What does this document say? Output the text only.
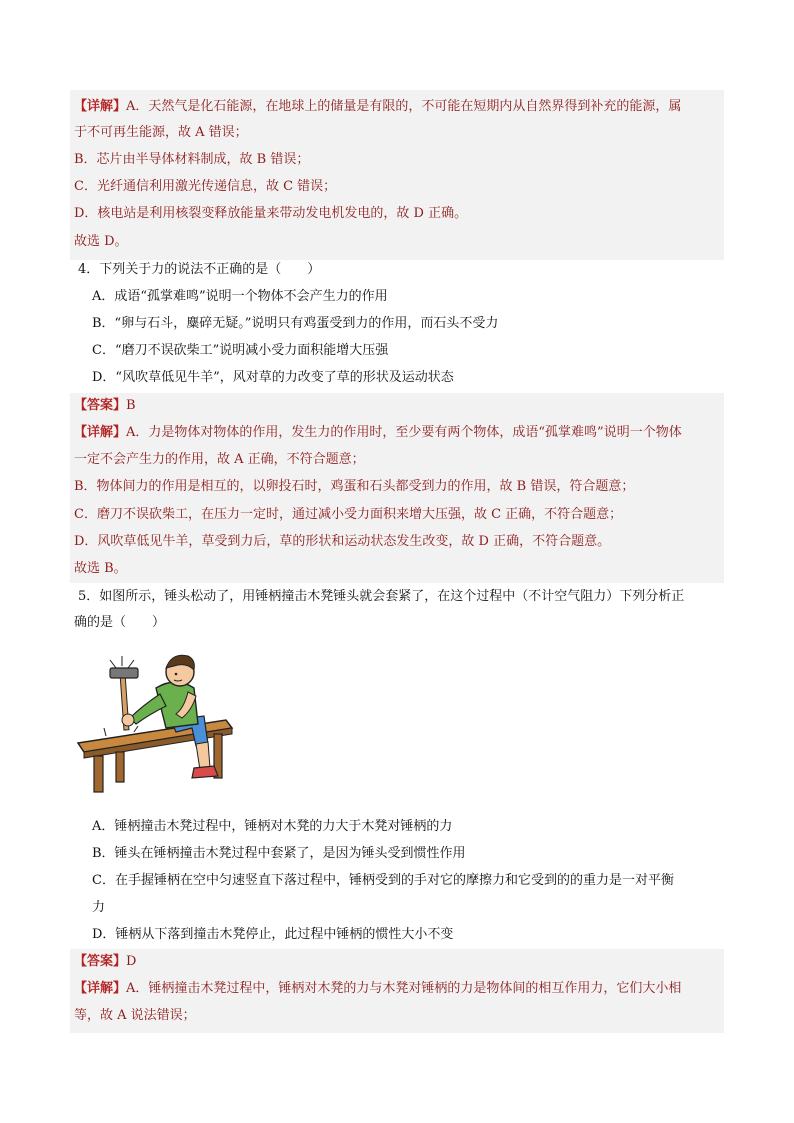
【详解】A．天然气是化石能源，在地球上的储量是有限的，不可能在短期内从自然界得到补充的能源，属
于不可再生能源，故 A 错误；
B．芯片由半导体材料制成，故 B 错误；
C．光纤通信利用激光传递信息，故 C 错误；
D．核电站是利用核裂变释放能量来带动发电机发电的，故 D 正确。
故选 D。
4．下列关于力的说法不正确的是（　　）
A．成语“孤掌难鸣”说明一个物体不会产生力的作用
B．“卵与石斗，麋碎无疑。”说明只有鸡蛋受到力的作用，而石头不受力
C．“磨刀不误砍柴工”说明减小受力面积能增大压强
D．“风吹草低见牛羊”，风对草的力改变了草的形状及运动状态
【答案】B
【详解】A．力是物体对物体的作用，发生力的作用时，至少要有两个物体，成语“孤掌难鸣”说明一个物体
一定不会产生力的作用，故 A 正确，不符合题意；
B．物体间力的作用是相互的，以卵投石时，鸡蛋和石头都受到力的作用，故 B 错误，符合题意；
C．磨刀不误砍柴工，在压力一定时，通过减小受力面积来增大压强，故 C 正确，不符合题意；
D．风吹草低见牛羊，草受到力后，草的形状和运动状态发生改变，故 D 正确，不符合题意。
故选 B。
5．如图所示，锤头松动了，用锤柄撞击木凳锤头就会套紧了，在这个过程中（不计空气阻力）下列分析正
确的是（　　）
A．锤柄撞击木凳过程中，锤柄对木凳的力大于木凳对锤柄的力
B．锤头在锤柄撞击木凳过程中套紧了，是因为锤头受到惯性作用
C．在手握锤柄在空中匀速竖直下落过程中，锤柄受到的手对它的摩擦力和它受到的的重力是一对平衡
力
D．锤柄从下落到撞击木凳停止，此过程中锤柄的惯性大小不变
【答案】D
【详解】A．锤柄撞击木凳过程中，锤柄对木凳的力与木凳对锤柄的力是物体间的相互作用力，它们大小相
等，故 A 说法错误；
